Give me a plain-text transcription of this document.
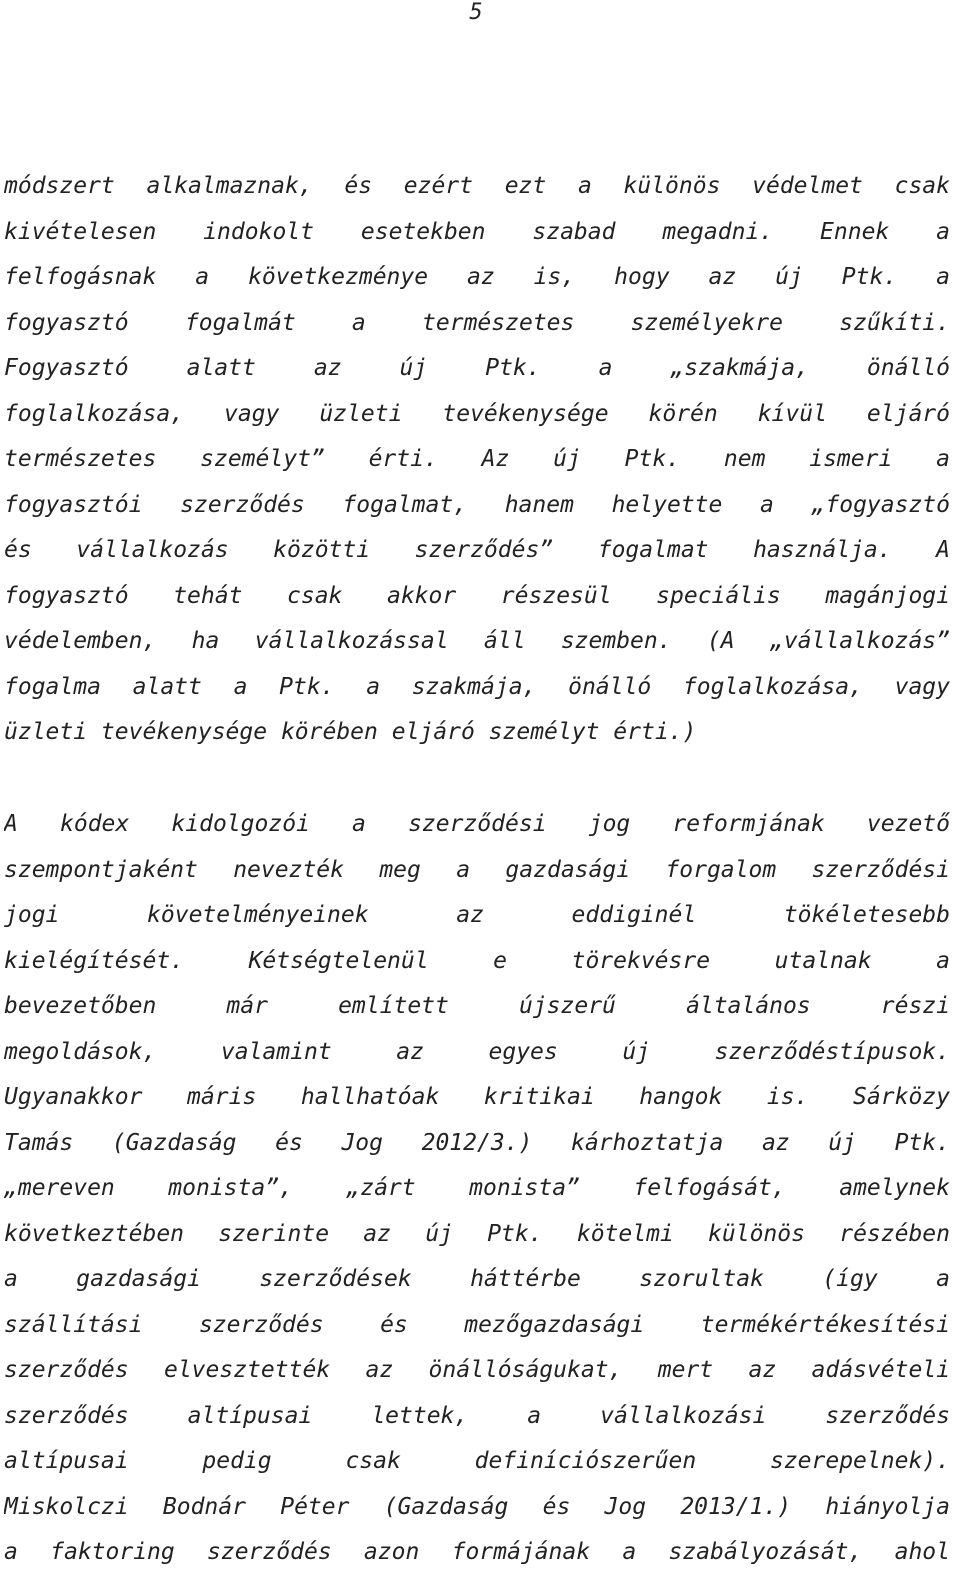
5
módszert alkalmaznak, és ezért ezt a különös védelmet csak
kivételesen indokolt esetekben szabad megadni. Ennek a
felfogásnak a következménye az is, hogy az új Ptk. a
fogyasztó fogalmát a természetes személyekre szűkíti.
Fogyasztó alatt az új Ptk. a „szakmája, önálló
foglalkozása, vagy üzleti tevékenysége körén kívül eljáró
természetes személyt” érti. Az új Ptk. nem ismeri a
fogyasztói szerződés fogalmat, hanem helyette a „fogyasztó
és vállalkozás közötti szerződés” fogalmat használja. A
fogyasztó tehát csak akkor részesül speciális magánjogi
védelemben, ha vállalkozással áll szemben. (A „vállalkozás”
fogalma alatt a Ptk. a szakmája, önálló foglalkozása, vagy
üzleti tevékenysége körében eljáró személyt érti.)
A kódex kidolgozói a szerződési jog reformjának vezető
szempontjaként nevezték meg a gazdasági forgalom szerződési
jogi követelményeinek az eddiginél tökéletesebb
kielégítését. Kétségtelenül e törekvésre utalnak a
bevezetőben már említett újszerű általános részi
megoldások, valamint az egyes új szerződéstípusok.
Ugyanakkor máris hallhatóak kritikai hangok is. Sárközy
Tamás (Gazdaság és Jog 2012/3.) kárhoztatja az új Ptk.
„mereven monista”, „zárt monista” felfogását, amelynek
következtében szerinte az új Ptk. kötelmi különös részében
a gazdasági szerződések háttérbe szorultak (így a
szállítási szerződés és mezőgazdasági termékértékesítési
szerződés elvesztették az önállóságukat, mert az adásvételi
szerződés altípusai lettek, a vállalkozási szerződés
altípusai pedig csak definíciószerűen szerepelnek).
Miskolczi Bodnár Péter (Gazdaság és Jog 2013/1.) hiányolja
a faktoring szerződés azon formájának a szabályozását, ahol
